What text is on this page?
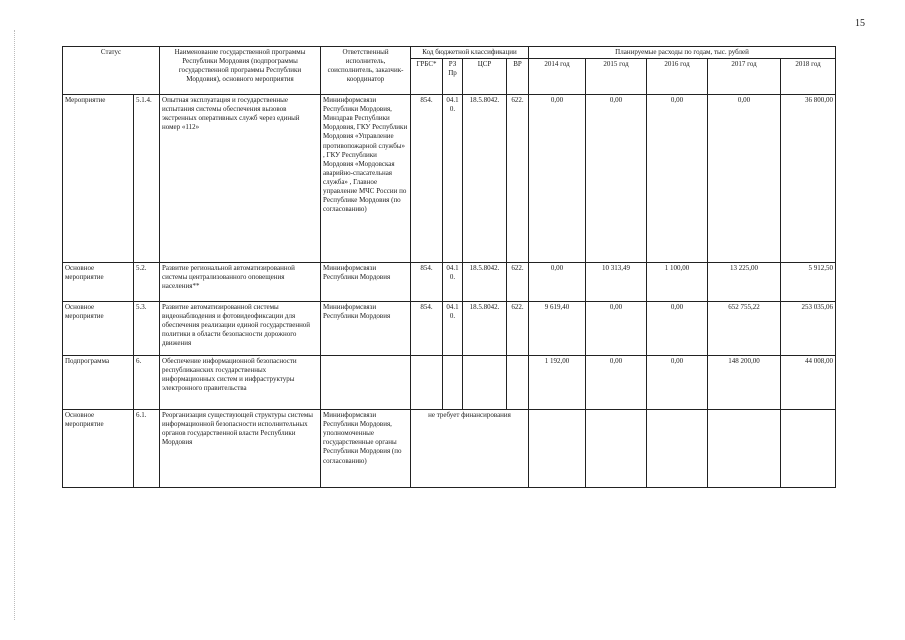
15
Статус		Наименование государственной программы Республики Мордовия (подпрограммы государственной программы Республики Мордовия), основного мероприятия	Ответственный исполнитель, соисполнитель, заказчик-координатор	Код бюджетной классификации				Планируемые расходы по годам, тыс. рублей				
				ГРБС*	РЗ Пр	ЦСР	ВР	2014 год	2015 год	2016 год	2017 год	2018 год
Мероприятие	5.1.4.	Опытная эксплуатация и государственные испытания системы обеспечения вызовов экстренных оперативных служб через единый номер «112»	Мининформсвязи Республики Мордовия, Минздрав Республики Мордовия, ГКУ Республики Мордовия «Управление противопожарной службы» , ГКУ Республики Мордовия «Мордовская аварийно-спасательная служба» , Главное управление МЧС России по Республике Мордовия (по согласованию)	854.	04.10.	18.5.8042.	622.	0,00	0,00	0,00	0,00	36 800,00
Основное мероприятие	5.2.	Развитие региональной автоматизированной системы централизованного оповещения населения**	Мининформсвязи Республики Мордовия	854.	04.10.	18.5.8042.	622.	0,00	10 313,49	1 100,00	13 225,00	5 912,50
Основное мероприятие	5.3.	Развитие автоматизированной системы видеонаблюдения и фотовидеофиксации для обеспечения реализации единой государственной политики в области безопасности дорожного движения	Мининформсвязи Республики Мордовия	854.	04.10.	18.5.8042.	622.	9 619,40	0,00	0,00	652 755,22	253 035,06
Подпрограмма	6.	Обеспечение информационной безопасности республиканских государственных информационных систем и инфраструктуры электронного правительства						1 192,00	0,00	0,00	148 200,00	44 008,00
Основное мероприятие	6.1.	Реорганизация существующей структуры системы информационной безопасности исполнительных органов государственной власти Республики Мордовия	Мининформсвязи Республики Мордовия, уполномоченные государственные органы Республики Мордовия (по согласованию)	не требует финансирования								
